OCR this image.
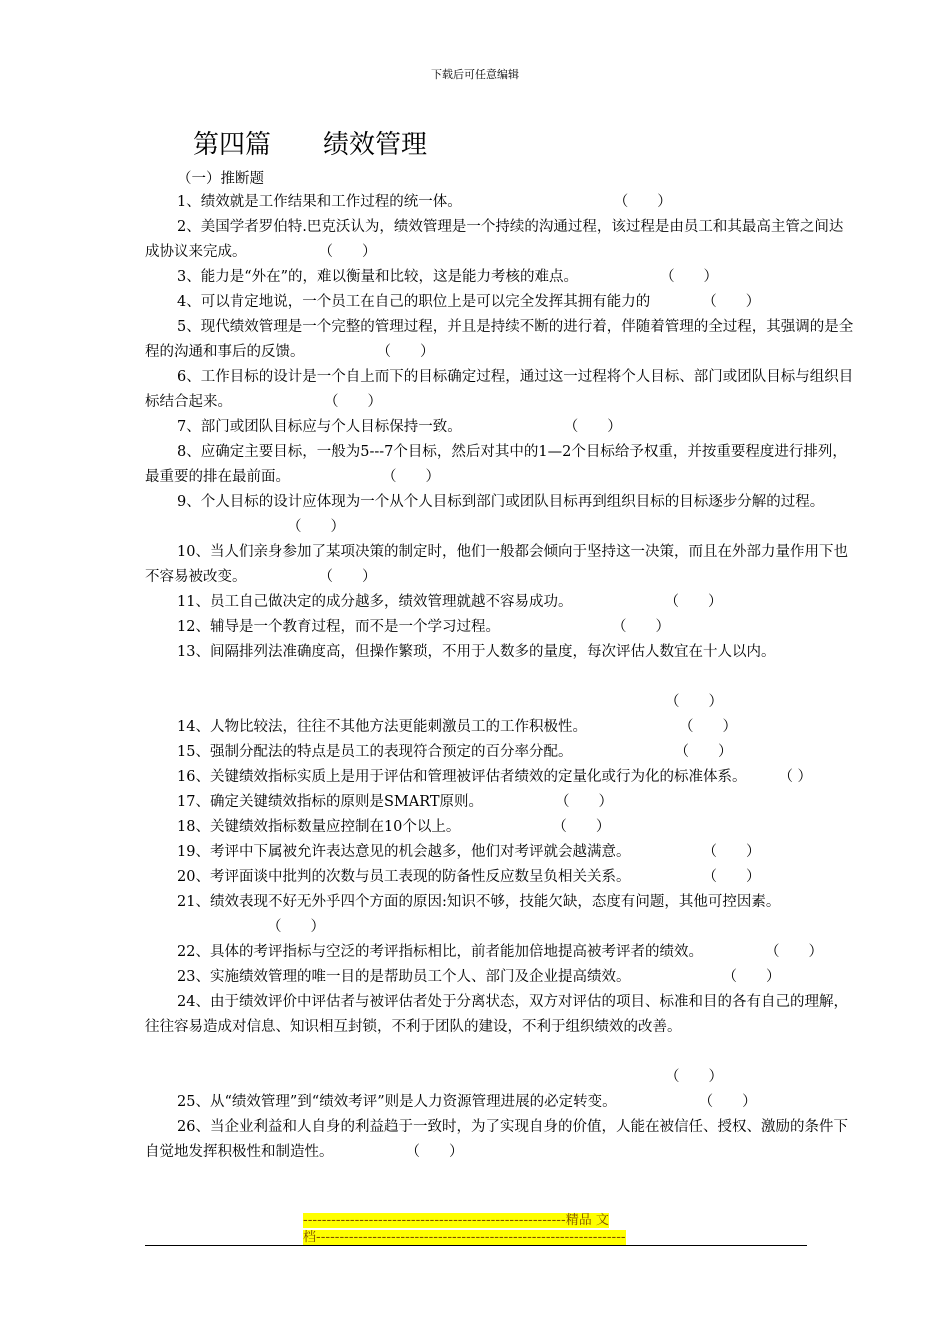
下载后可任意编辑
第四篇 绩效管理
（一）推断题
1、绩效就是工作结果和工作过程的统一体。	（　　）
2、美国学者罗伯特.巴克沃认为，绩效管理是一个持续的沟通过程，该过程是由员工和其最高主管之间达成协议来完成。	（　　）
3、能力是“外在”的，难以衡量和比较，这是能力考核的难点。	（　　）
4、可以肯定地说，一个员工在自己的职位上是可以完全发挥其拥有能力的	（　　）
5、现代绩效管理是一个完整的管理过程，并且是持续不断的进行着，伴随着管理的全过程，其强调的是全程的沟通和事后的反馈。	（　　）
6、工作目标的设计是一个自上而下的目标确定过程，通过这一过程将个人目标、部门或团队目标与组织目标结合起来。	（　　）
7、部门或团队目标应与个人目标保持一致。	（　　）
8、应确定主要目标，一般为5---7个目标，然后对其中的1—2个目标给予权重，并按重要程度进行排列，最重要的排在最前面。	（　　）
9、个人目标的设计应体现为一个从个人目标到部门或团队目标再到组织目标的目标逐步分解的过程。（　　）
10、当人们亲身参加了某项决策的制定时，他们一般都会倾向于坚持这一决策，而且在外部力量作用下也不容易被改变。	（　　）
11、员工自己做决定的成分越多，绩效管理就越不容易成功。	（　　）
12、辅导是一个教育过程，而不是一个学习过程。	（　　）
13、间隔排列法准确度高，但操作繁琐，不用于人数多的量度，每次评估人数宜在十人以内。
（　　）
14、人物比较法，往往不其他方法更能刺激员工的工作积极性。	（　　）
15、强制分配法的特点是员工的表现符合预定的百分率分配。	（　　）
16、关键绩效指标实质上是用于评估和管理被评估者绩效的定量化或行为化的标准体系。 （ ）
17、确定关键绩效指标的原则是SMART原则。	（　　）
18、关键绩效指标数量应控制在10个以上。	（　　）
19、考评中下属被允许表达意见的机会越多，他们对考评就会越满意。	（　　）
20、考评面谈中批判的次数与员工表现的防备性反应数呈负相关关系。	（　　）
21、绩效表现不好无外乎四个方面的原因:知识不够，技能欠缺，态度有问题，其他可控因素。（　　）
22、具体的考评指标与空泛的考评指标相比，前者能加倍地提高被考评者的绩效。	（　　）
23、实施绩效管理的唯一目的是帮助员工个人、部门及企业提高绩效。	（　　）
24、由于绩效评价中评估者与被评估者处于分离状态，双方对评估的项目、标准和目的各有自己的理解，往往容易造成对信息、知识相互封锁，不利于团队的建设，不利于组织绩效的改善。
（　　）
25、从“绩效管理”到“绩效考评”则是人力资源管理进展的必定转变。	（　　）
26、当企业利益和人自身的利益趋于一致时，为了实现自身的价值，人能在被信任、授权、激励的条件下自觉地发挥积极性和制造性。	（　　）
--------------------------------------------------------精品 文
档------------------------------------------------------------------
